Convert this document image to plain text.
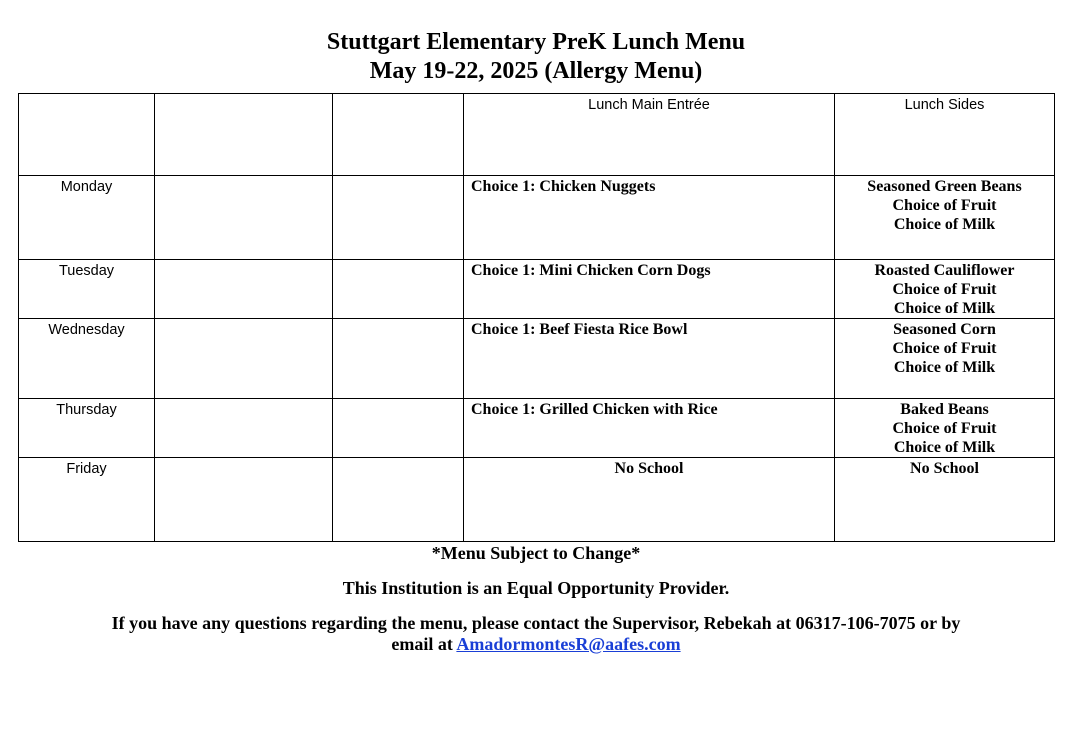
Stuttgart Elementary PreK Lunch Menu
May 19-22, 2025 (Allergy Menu)
			Lunch Main Entrée	Lunch Sides
Monday			Choice 1: Chicken Nuggets	Seasoned Green Beans
Choice of Fruit
Choice of Milk

Tuesday			Choice 1: Mini Chicken Corn Dogs	Roasted Cauliflower
Choice of Fruit
Choice of Milk

Wednesday			Choice 1: Beef Fiesta Rice Bowl	Seasoned Corn
Choice of Fruit
Choice of Milk

Thursday			Choice 1: Grilled Chicken with Rice	Baked Beans
Choice of Fruit
Choice of Milk

Friday			No School	No School
*Menu Subject to Change*
This Institution is an Equal Opportunity Provider.
If you have any questions regarding the menu, please contact the Supervisor, Rebekah at 06317-106-7075 or by
email at AmadormontesR@aafes.com
